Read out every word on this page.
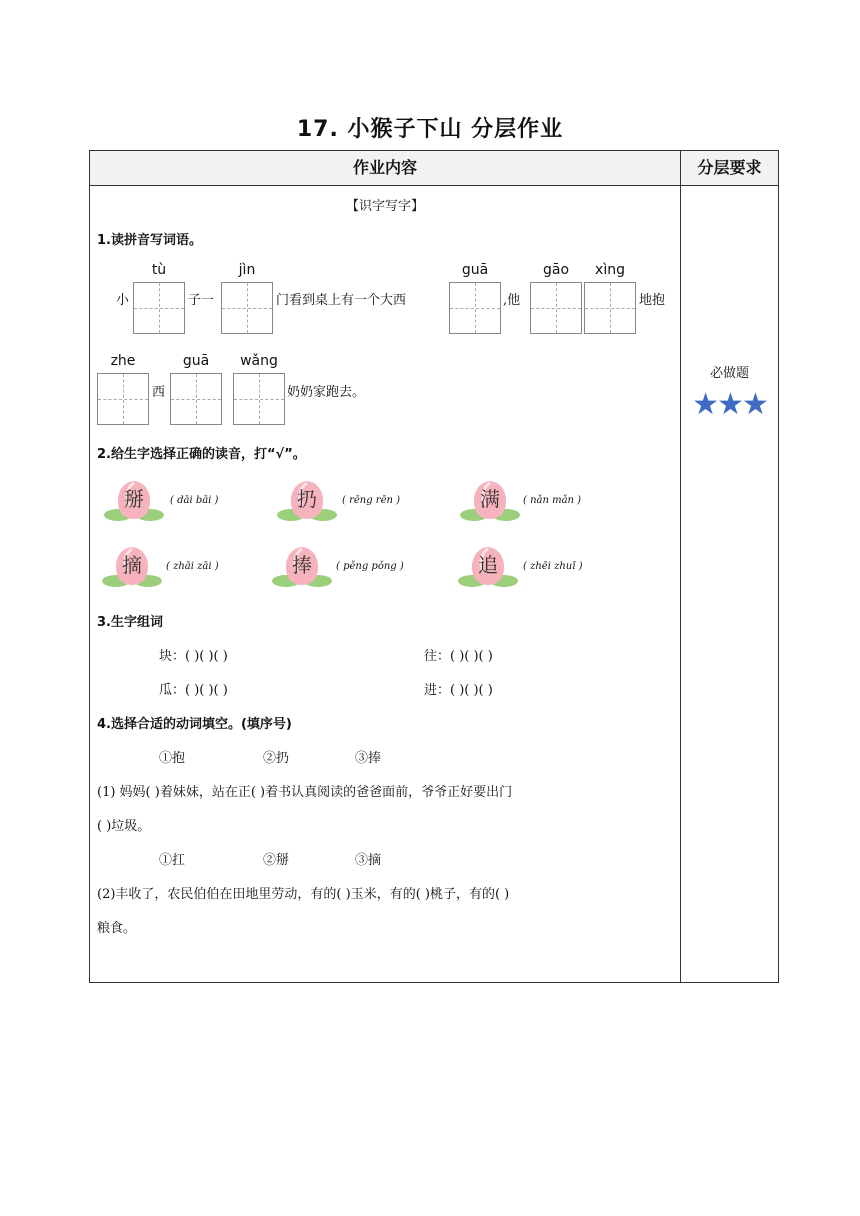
17. 小猴子下山 分层作业
作业内容	分层要求
必做题
★★★
【识字写字】
1.读拼音写词语。
tù	jìn	guā	gāo	xìng
小	子一	门看到桌上有一个大西	,他	地抱
zhe	guā	wǎng
西	奶奶家跑去。
2.给生字选择正确的读音，打“√”。
掰	( dāi bāi )	扔	( rēng rēn )	满	( nǎn mǎn )
摘	( zhāi zāi )	捧	( pěng pǒng )	追	( zhēi zhuī )
3.生字组词
块：( )( )( )	往：( )( )( )
瓜：( )( )( )	进：( )( )( )
4.选择合适的动词填空。(填序号)
①抱	②扔	③捧
(1) 妈妈( )着妹妹，站在正( )着书认真阅读的爸爸面前，爷爷正好要出门
( )垃圾。
①扛	②掰	③摘
(2)丰收了，农民伯伯在田地里劳动，有的( )玉米，有的( )桃子，有的( )
粮食。
